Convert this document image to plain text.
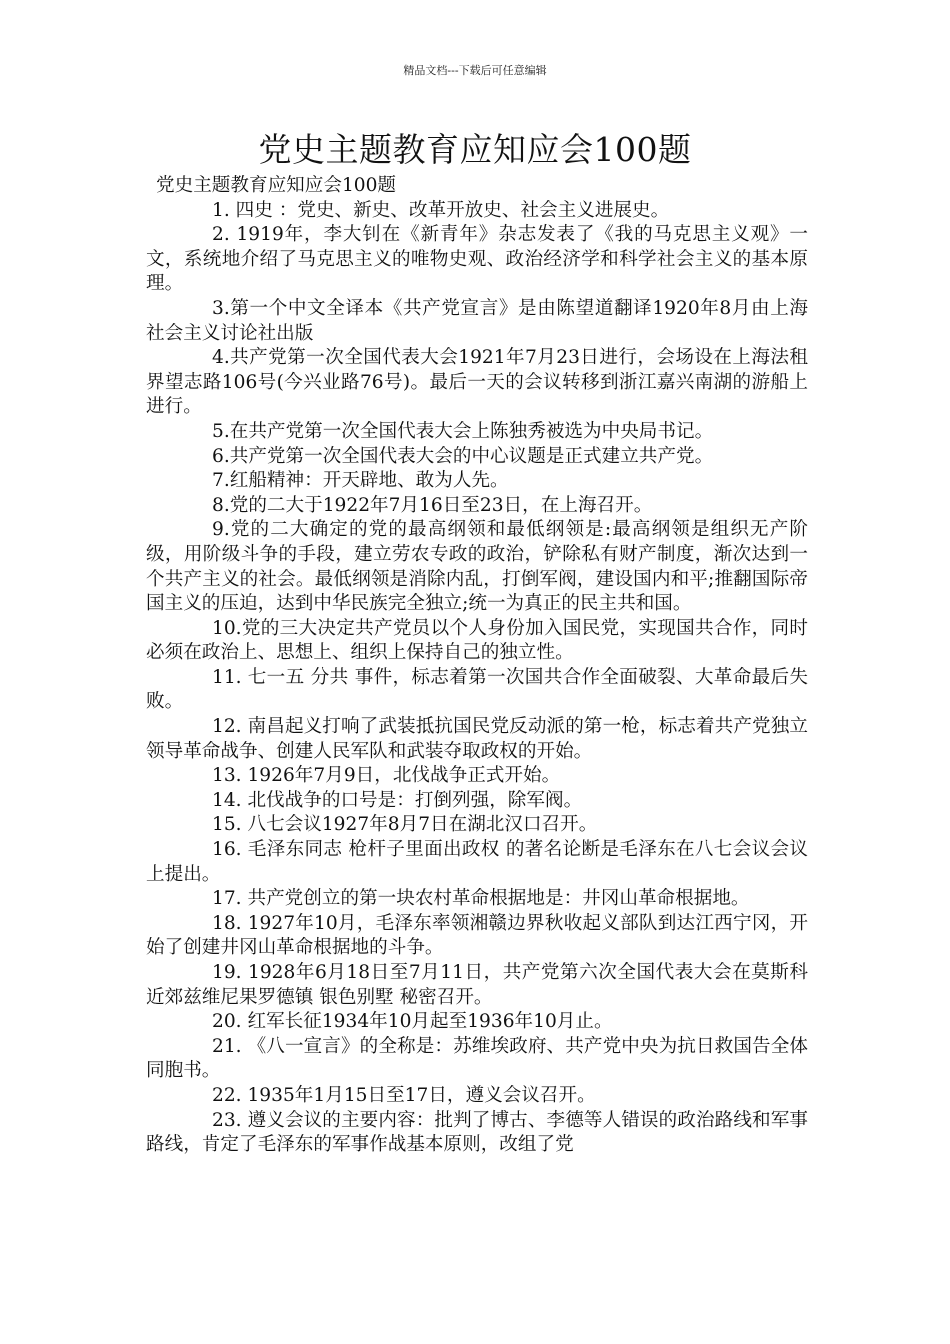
精品文档---下载后可任意编辑
党史主题教育应知应会100题

党史主题教育应知应会100题

1. 四史 ：党史、新史、改革开放史、社会主义进展史。

2. 1919年，李大钊在《新青年》杂志发表了《我的马克思主义观》一文，系统地介绍了马克思主义的唯物史观、政治经济学和科学社会主义的基本原理。

3.第一个中文全译本《共产党宣言》是由陈望道翻译1920年8月由上海社会主义讨论社出版

4.共产党第一次全国代表大会1921年7月23日进行，会场设在上海法租界望志路106号(今兴业路76号)。最后一天的会议转移到浙江嘉兴南湖的游船上进行。

5.在共产党第一次全国代表大会上陈独秀被选为中央局书记。

6.共产党第一次全国代表大会的中心议题是正式建立共产党。

7.红船精神：开天辟地、敢为人先。

8.党的二大于1922年7月16日至23日，在上海召开。

9.党的二大确定的党的最高纲领和最低纲领是:最高纲领是组织无产阶级，用阶级斗争的手段，建立劳农专政的政治，铲除私有财产制度，渐次达到一个共产主义的社会。最低纲领是消除内乱，打倒军阀，建设国内和平;推翻国际帝国主义的压迫，达到中华民族完全独立;统一为真正的民主共和国。

10.党的三大决定共产党员以个人身份加入国民党，实现国共合作，同时必须在政治上、思想上、组织上保持自己的独立性。

11. 七一五 分共 事件，标志着第一次国共合作全面破裂、大革命最后失败。

12. 南昌起义打响了武装抵抗国民党反动派的第一枪，标志着共产党独立领导革命战争、创建人民军队和武装夺取政权的开始。

13. 1926年7月9日，北伐战争正式开始。

14. 北伐战争的口号是：打倒列强，除军阀。

15. 八七会议1927年8月7日在湖北汉口召开。

16. 毛泽东同志 枪杆子里面出政权 的著名论断是毛泽东在八七会议会议上提出。

17. 共产党创立的第一块农村革命根据地是：井冈山革命根据地。

18. 1927年10月，毛泽东率领湘赣边界秋收起义部队到达江西宁冈，开始了创建井冈山革命根据地的斗争。

19. 1928年6月18日至7月11日，共产党第六次全国代表大会在莫斯科近郊兹维尼果罗德镇 银色别墅 秘密召开。

20. 红军长征1934年10月起至1936年10月止。

21. 《八一宣言》的全称是：苏维埃政府、共产党中央为抗日救国告全体同胞书。

22. 1935年1月15日至17日，遵义会议召开。

23. 遵义会议的主要内容：批判了博古、李德等人错误的政治路线和军事路线，肯定了毛泽东的军事作战基本原则，改组了党
